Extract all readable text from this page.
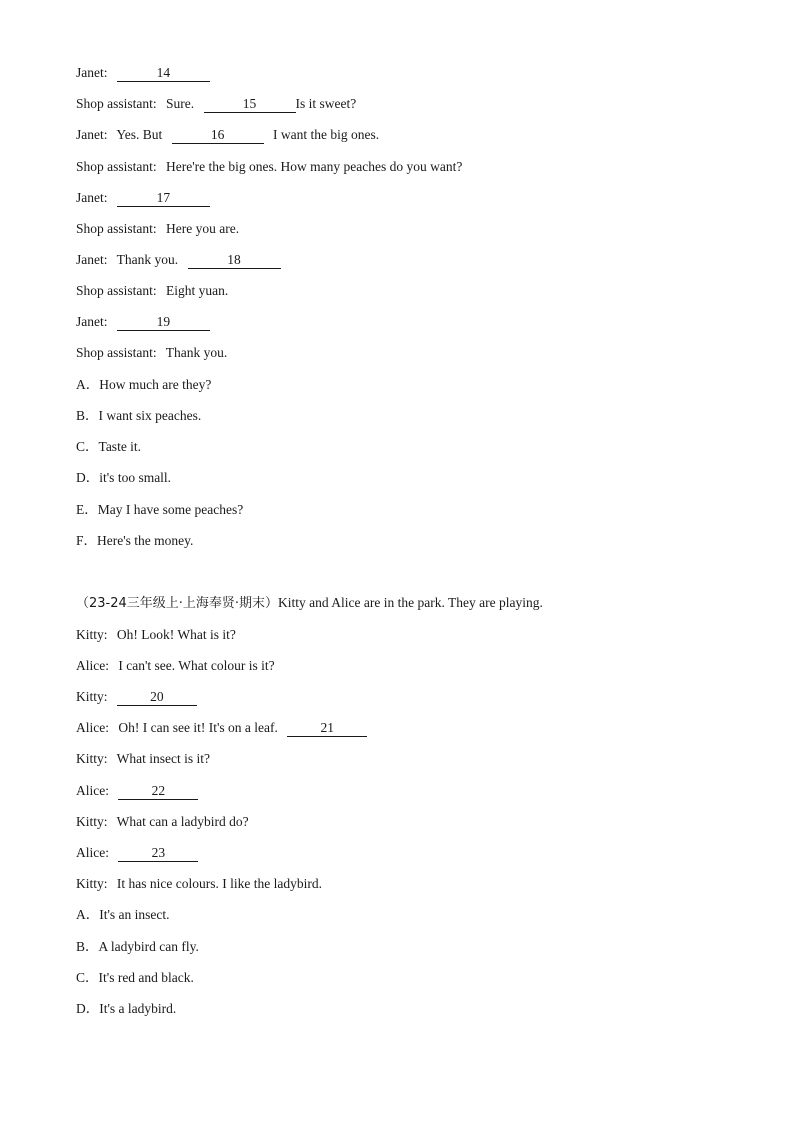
Janet:	14
Shop assistant: Sure.	15	Is it sweet?
Janet: Yes. But	16	I want the big ones.
Shop assistant: Here're the big ones. How many peaches do you want?
Janet:	17
Shop assistant: Here you are.
Janet: Thank you.	18
Shop assistant: Eight yuan.
Janet:	19
Shop assistant: Thank you.
A．How much are they?
B．I want six peaches.
C．Taste it.
D．it's too small.
E．May I have some peaches?
F．Here's the money.
（23-24三年级上·上海奉贤·期末）Kitty and Alice are in the park. They are playing.
Kitty: Oh! Look! What is it?
Alice: I can't see. What colour is it?
Kitty:	20
Alice: Oh! I can see it! It's on a leaf.	21
Kitty: What insect is it?
Alice:	22
Kitty: What can a ladybird do?
Alice:	23
Kitty: It has nice colours. I like the ladybird.
A．It's an insect.
B．A ladybird can fly.
C．It's red and black.
D．It's a ladybird.
